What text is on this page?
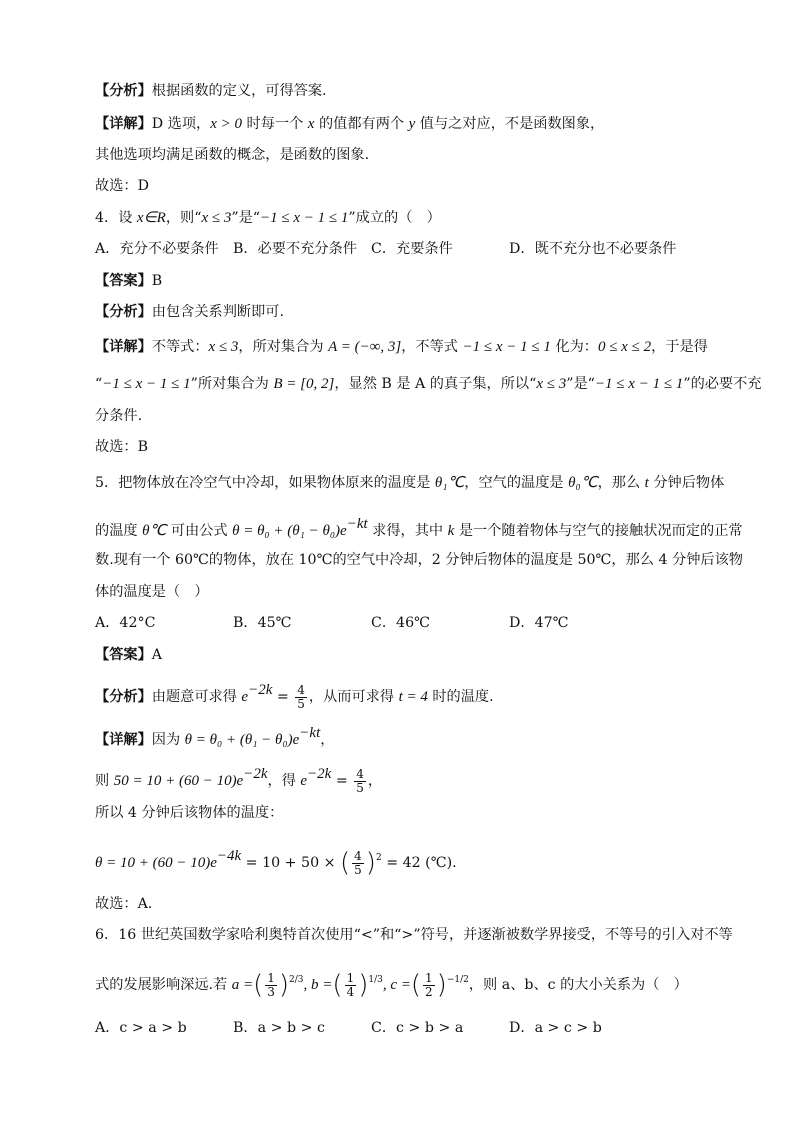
【分析】根据函数的定义，可得答案.
【详解】D 选项，x > 0 时每一个 x 的值都有两个 y 值与之对应，不是函数图象，
其他选项均满足函数的概念，是函数的图象.
故选：D
4．设 x∈R，则“x ≤ 3”是“−1 ≤ x − 1 ≤ 1”成立的（　）
A．充分不必要条件 B．必要不充分条件 C．充要条件	D．既不充分也不必要条件
【答案】B
【分析】由包含关系判断即可.
【详解】不等式：x ≤ 3，所对集合为 A = (−∞, 3]，不等式 −1 ≤ x − 1 ≤ 1 化为：0 ≤ x ≤ 2，于是得
“−1 ≤ x − 1 ≤ 1”所对集合为 B = [0, 2]，显然 B 是 A 的真子集，所以“x ≤ 3”是“−1 ≤ x − 1 ≤ 1”的必要不充
分条件.
故选：B
5．把物体放在冷空气中冷却，如果物体原来的温度是 θ₁℃，空气的温度是 θ₀℃，那么 t 分钟后物体
的温度 θ℃ 可由公式 $\theta = \theta_0 + (\theta_1 - \theta_0)e^{-kt}$ 求得，其中 k 是一个随着物体与空气的接触状况而定的正常
数.现有一个 60℃的物体，放在 10℃的空气中冷却，2 分钟后物体的温度是 50℃，那么 4 分钟后该物
体的温度是（　）
A．42°C	B．45℃	C．46℃	D．47℃
【答案】A
【分析】由题意可求得 $e^{-2k} = \frac{4}{5}$ ，从而可求得 t = 4 时的温度.
【详解】因为 $\theta = \theta_0 + (\theta_1 - \theta_0)e^{-kt}$，
则 $50 = 10 + (60 - 10)e^{-2k}$，得 $e^{-2k} = \frac{4}{5}$ ，
所以 4 分钟后该物体的温度：
$\theta = 10 + (60 - 10)e^{-4k} = 10 + 50$ × ( $\frac{4}{5} )^2 = 42$ (℃).
故选：A.
6．16 世纪英国数学家哈利奥特首次使用“<”和“>”符号，并逐渐被数学界接受，不等号的引入对不等
式的发展影响深远.若 a =( $\frac{1}{3} )^{2/3}$, b =( $\frac{1}{4} )^{1/3}$, c =( $\frac{1}{2} )^{-1/2}$，则 a、b、c 的大小关系为（　）
A．c > a > b	B．a > b > c	C．c > b > a	D．a > c > b
